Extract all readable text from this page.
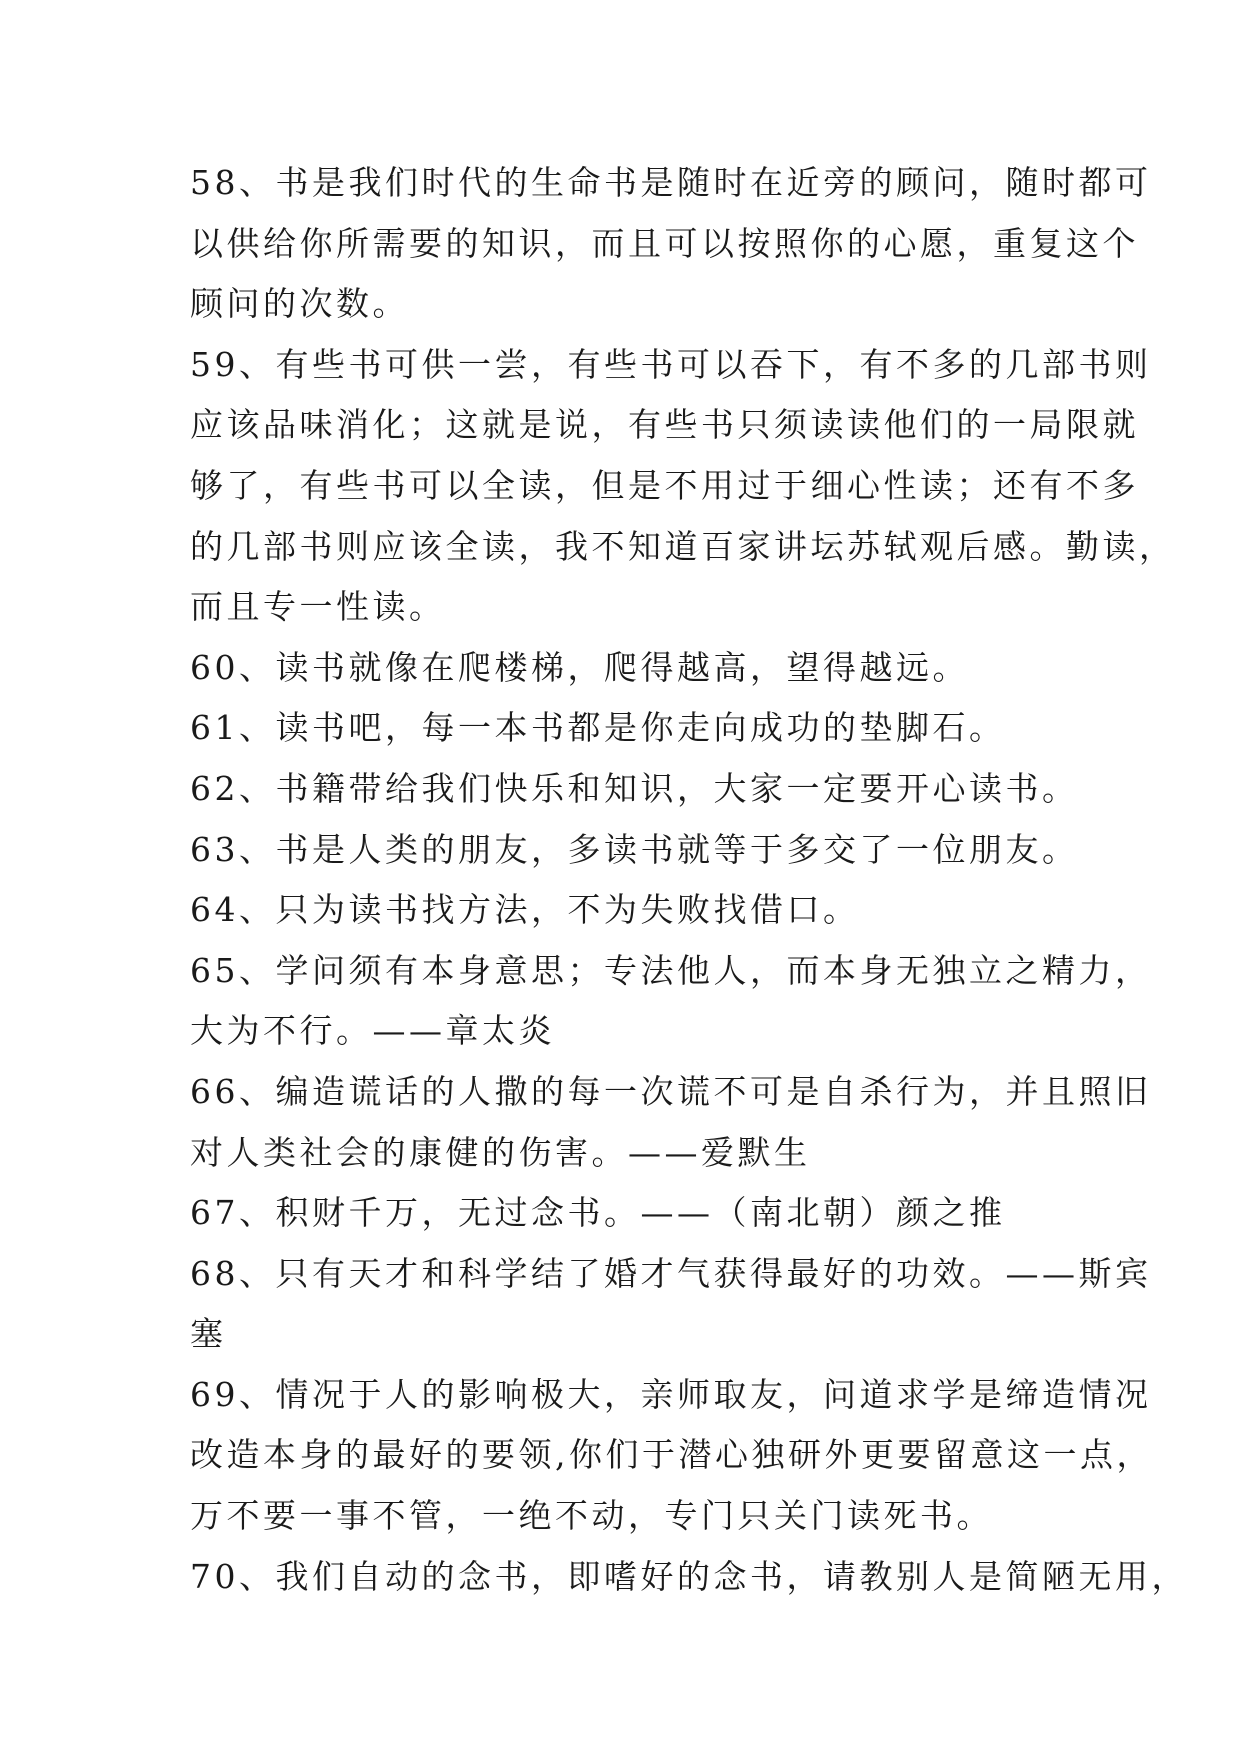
58、书是我们时代的生命书是随时在近旁的顾问，随时都可
以供给你所需要的知识，而且可以按照你的心愿，重复这个
顾问的次数。
59、有些书可供一尝，有些书可以吞下，有不多的几部书则
应该品味消化；这就是说，有些书只须读读他们的一局限就
够了，有些书可以全读，但是不用过于细心性读；还有不多
的几部书则应该全读，我不知道百家讲坛苏轼观后感。勤读，
而且专一性读。
60、读书就像在爬楼梯，爬得越高，望得越远。
61、读书吧，每一本书都是你走向成功的垫脚石。
62、书籍带给我们快乐和知识，大家一定要开心读书。
63、书是人类的朋友，多读书就等于多交了一位朋友。
64、只为读书找方法，不为失败找借口。
65、学问须有本身意思；专法他人，而本身无独立之精力，
大为不行。——章太炎
66、编造谎话的人撒的每一次谎不可是自杀行为，并且照旧
对人类社会的康健的伤害。——爱默生
67、积财千万，无过念书。——（南北朝）颜之推
68、只有天才和科学结了婚才气获得最好的功效。——斯宾
塞
69、情况于人的影响极大，亲师取友，问道求学是缔造情况
改造本身的最好的要领,你们于潜心独研外更要留意这一点，
万不要一事不管，一绝不动，专门只关门读死书。
70、我们自动的念书，即嗜好的念书，请教别人是简陋无用，
